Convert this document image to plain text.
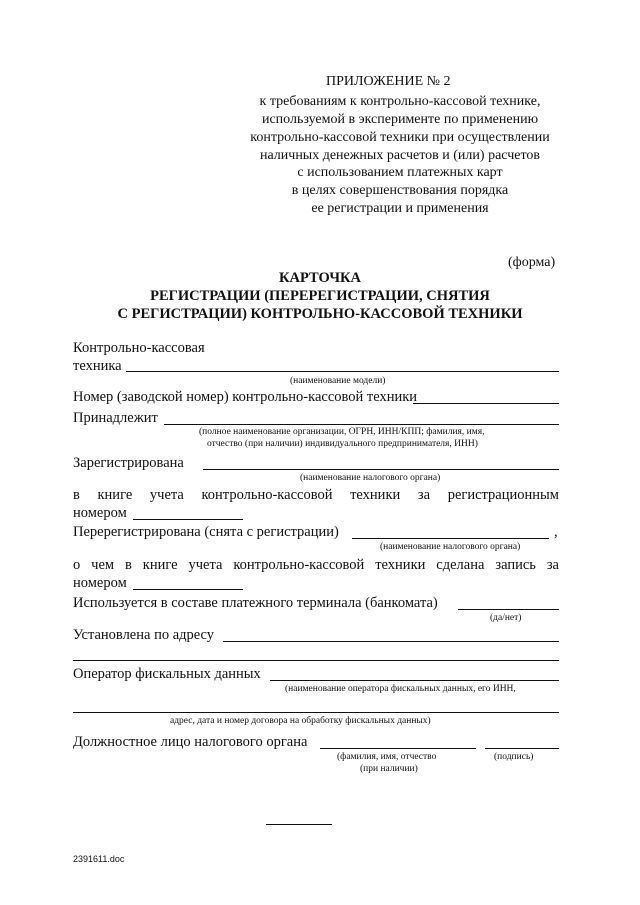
ПРИЛОЖЕНИЕ № 2
к требованиям к контрольно-кассовой технике,
используемой в эксперименте по применению
контрольно-кассовой техники при осуществлении
наличных денежных расчетов и (или) расчетов
с использованием платежных карт
в целях совершенствования порядка
ее регистрации и применения
(форма)
КАРТОЧКА
РЕГИСТРАЦИИ (ПЕРЕРЕГИСТРАЦИИ, СНЯТИЯ
С РЕГИСТРАЦИИ) КОНТРОЛЬНО-КАССОВОЙ ТЕХНИКИ
Контрольно-кассовая
техника
(наименование модели)
Номер (заводской номер) контрольно-кассовой техники
Принадлежит
(полное наименование организации, ОГРН, ИНН/КПП; фамилия, имя,
отчество (при наличии) индивидуального предпринимателя, ИНН)
Зарегистрирована
(наименование налогового органа)
в книге учета контрольно-кассовой техники за регистрационным
номером
Перерегистрирована (снята с регистрации)	,
(наименование налогового органа)
о чем в книге учета контрольно-кассовой техники сделана запись за
номером
Используется в составе платежного терминала (банкомата)
(да/нет)
Установлена по адресу
Оператор фискальных данных
(наименование оператора фискальных данных, его ИНН,
адрес, дата и номер договора на обработку фискальных данных)
Должностное лицо налогового органа
(фамилия, имя, отчество
(при наличии)
(подпись)
2391611.doc
